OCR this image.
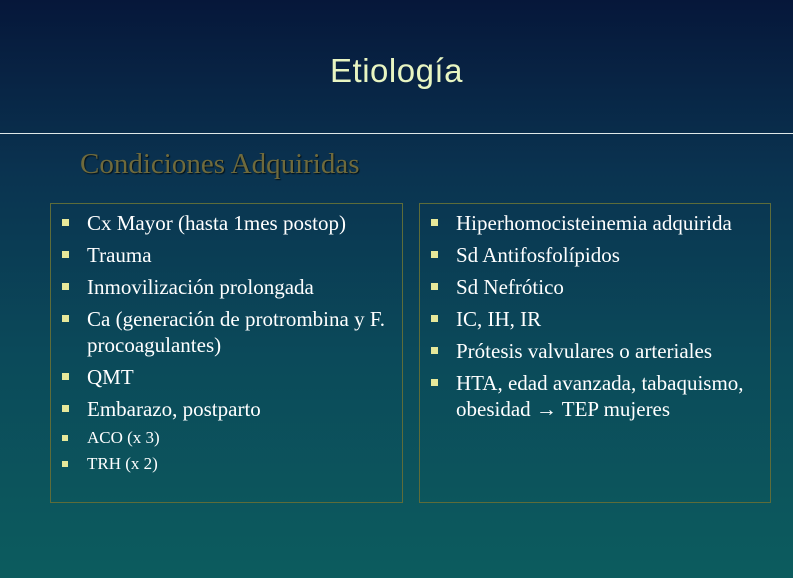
Etiología
Condiciones Adquiridas
Cx Mayor (hasta 1mes postop)
Trauma
Inmovilización prolongada
Ca (generación de protrombina y F. procoagulantes)
QMT
Embarazo, postparto
ACO (x 3)
TRH (x 2)
Hiperhomocisteinemia adquirida
Sd Antifosfolípidos
Sd Nefrótico
IC, IH, IR
Prótesis valvulares o arteriales
HTA, edad avanzada, tabaquismo, obesidad → TEP mujeres
